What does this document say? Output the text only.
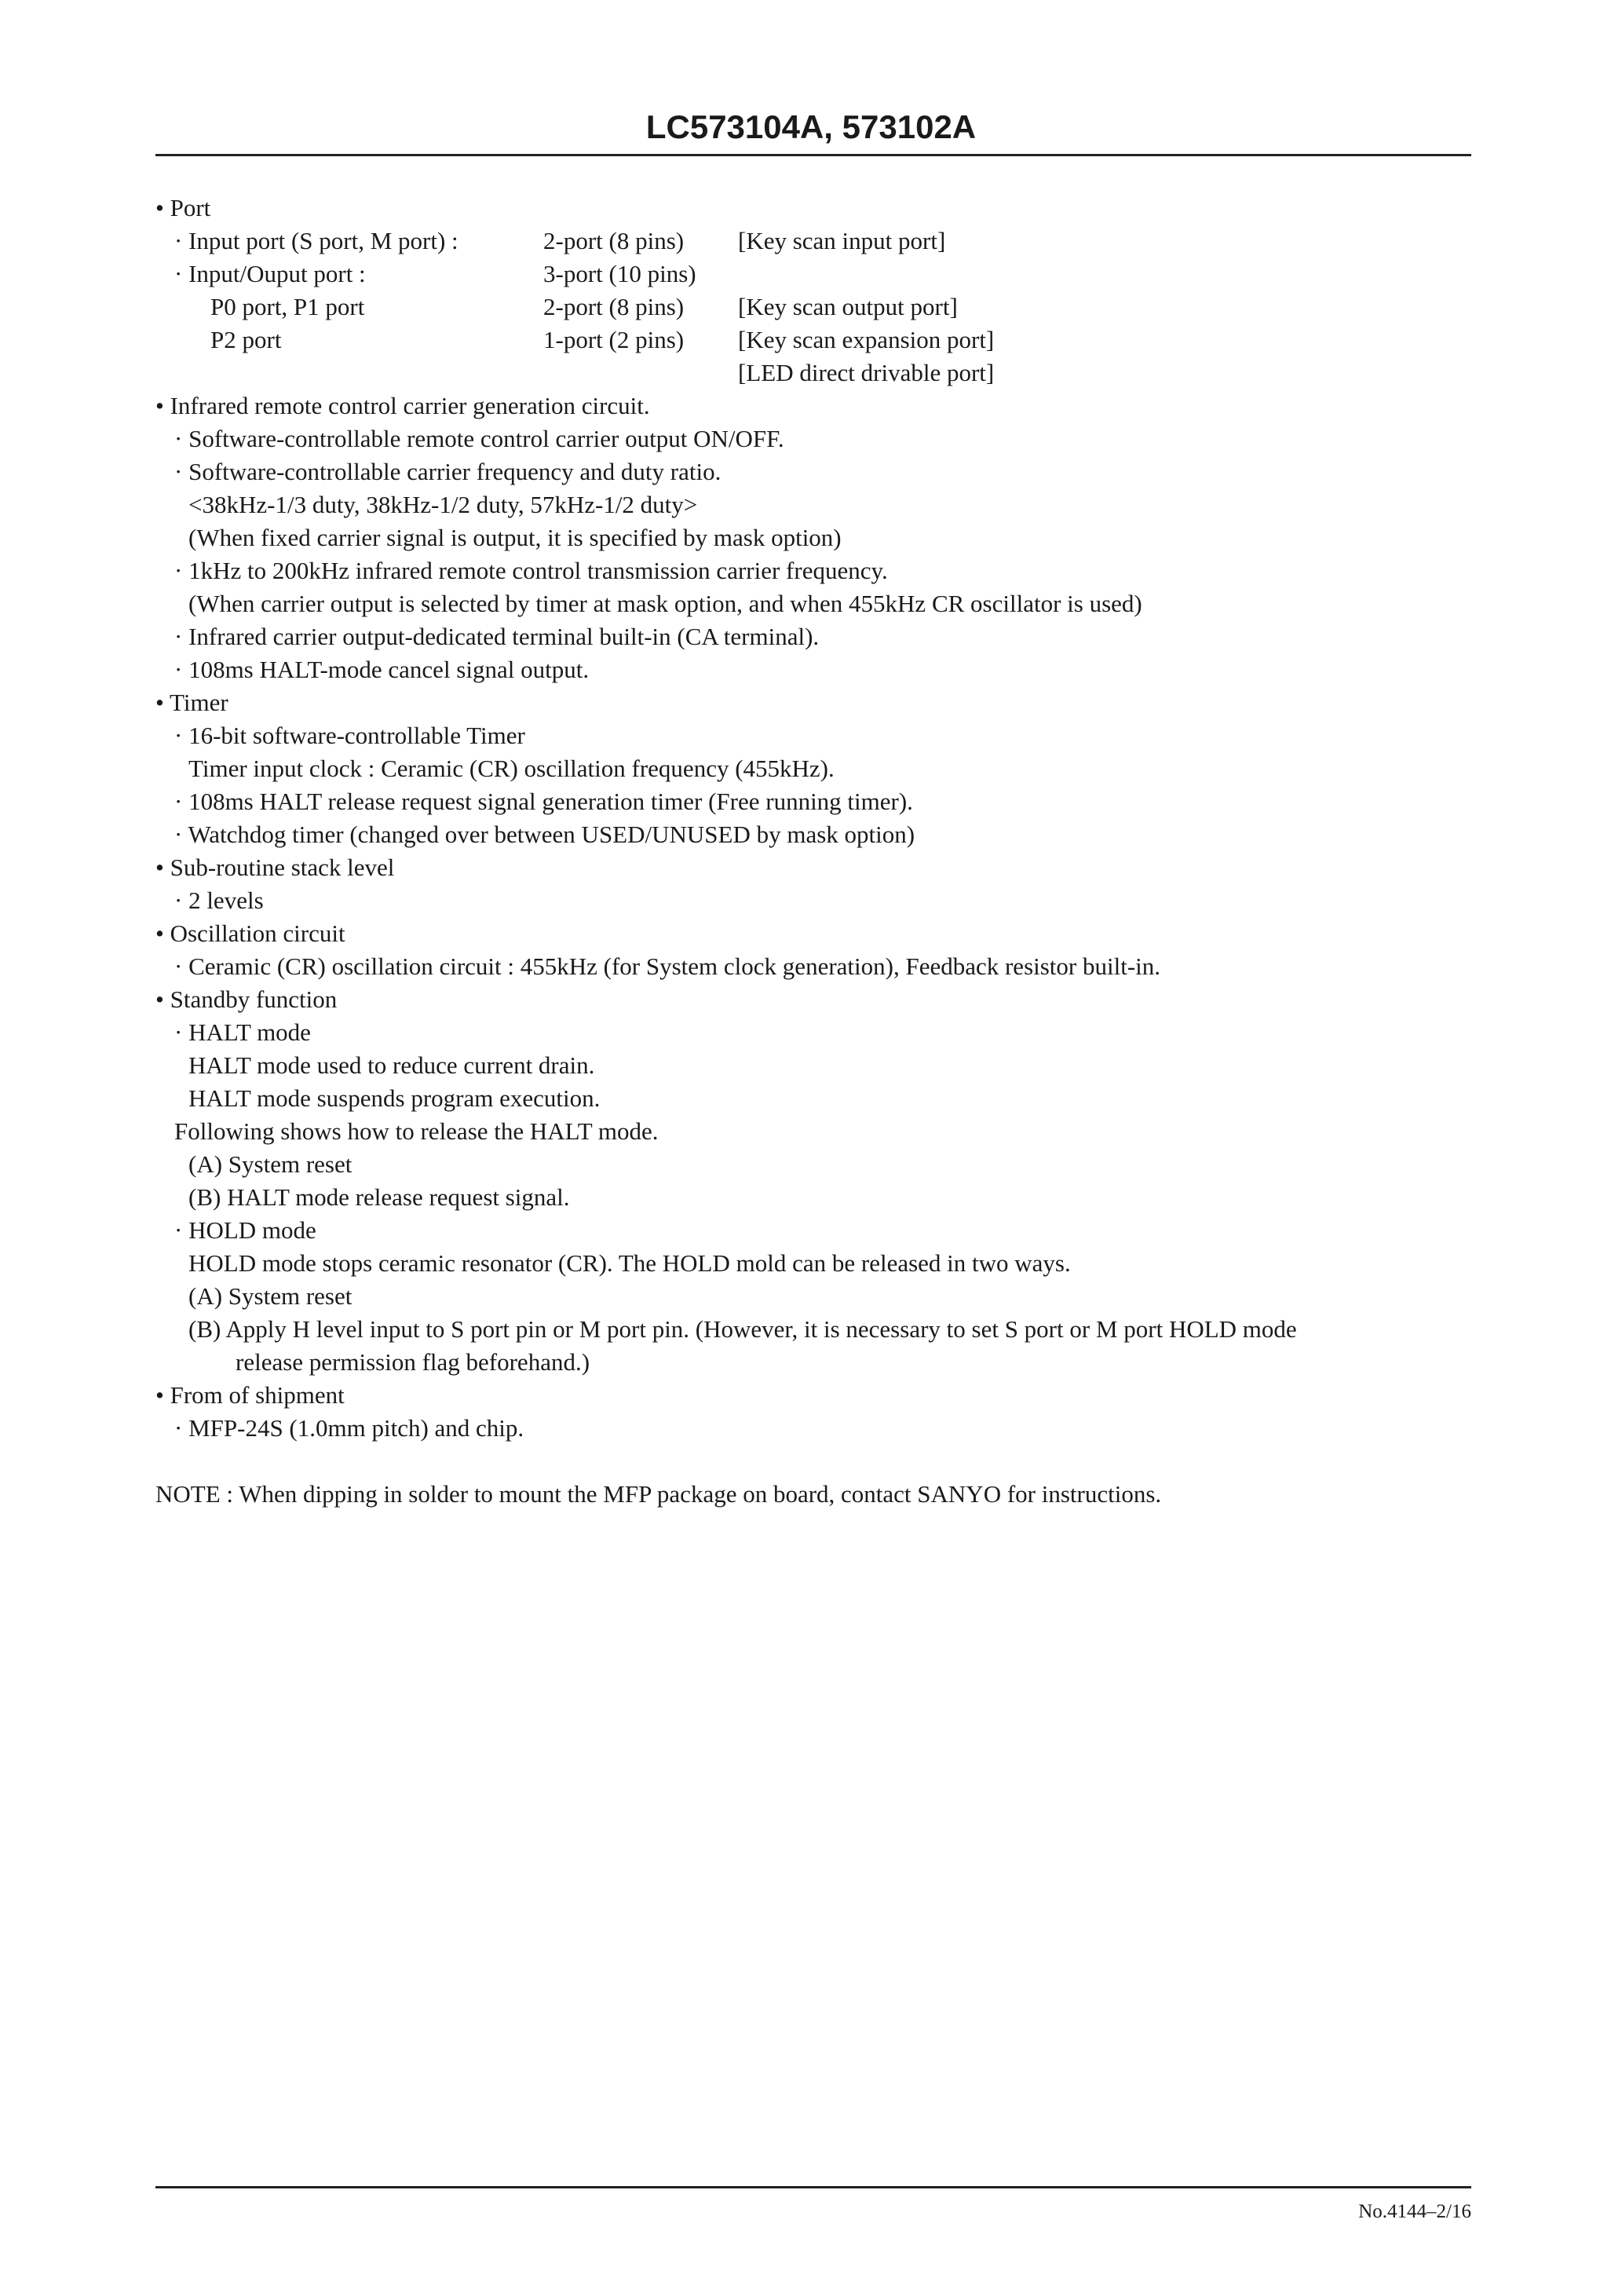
LC573104A, 573102A
• Port
· Input port (S port, M port) :	2-port (8 pins) [Key scan input port]
· Input/Ouput port :	3-port (10 pins)
P0 port, P1 port	2-port (8 pins) [Key scan output port]
P2 port	1-port (2 pins) [Key scan expansion port]
[LED direct drivable port]
• Infrared remote control carrier generation circuit.
· Software-controllable remote control carrier output ON/OFF.
· Software-controllable carrier frequency and duty ratio.
<38kHz-1/3 duty, 38kHz-1/2 duty, 57kHz-1/2 duty>
(When fixed carrier signal is output, it is specified by mask option)
· 1kHz to 200kHz infrared remote control transmission carrier frequency.
(When carrier output is selected by timer at mask option, and when 455kHz CR oscillator is used)
· Infrared carrier output-dedicated terminal built-in (CA terminal).
· 108ms HALT-mode cancel signal output.
• Timer
· 16-bit software-controllable Timer
Timer input clock : Ceramic (CR) oscillation frequency (455kHz).
· 108ms HALT release request signal generation timer (Free running timer).
· Watchdog timer (changed over between USED/UNUSED by mask option)
• Sub-routine stack level
· 2 levels
• Oscillation circuit
· Ceramic (CR) oscillation circuit : 455kHz (for System clock generation), Feedback resistor built-in.
• Standby function
· HALT mode
HALT mode used to reduce current drain.
HALT mode suspends program execution.
Following shows how to release the HALT mode.
(A) System reset
(B) HALT mode release request signal.
· HOLD mode
HOLD mode stops ceramic resonator (CR). The HOLD mold can be released in two ways.
(A) System reset
(B) Apply H level input to S port pin or M port pin. (However, it is necessary to set S port or M port HOLD mode
release permission flag beforehand.)
• From of shipment
· MFP-24S (1.0mm pitch) and chip.
NOTE : When dipping in solder to mount the MFP package on board, contact SANYO for instructions.
No.4144–2/16
